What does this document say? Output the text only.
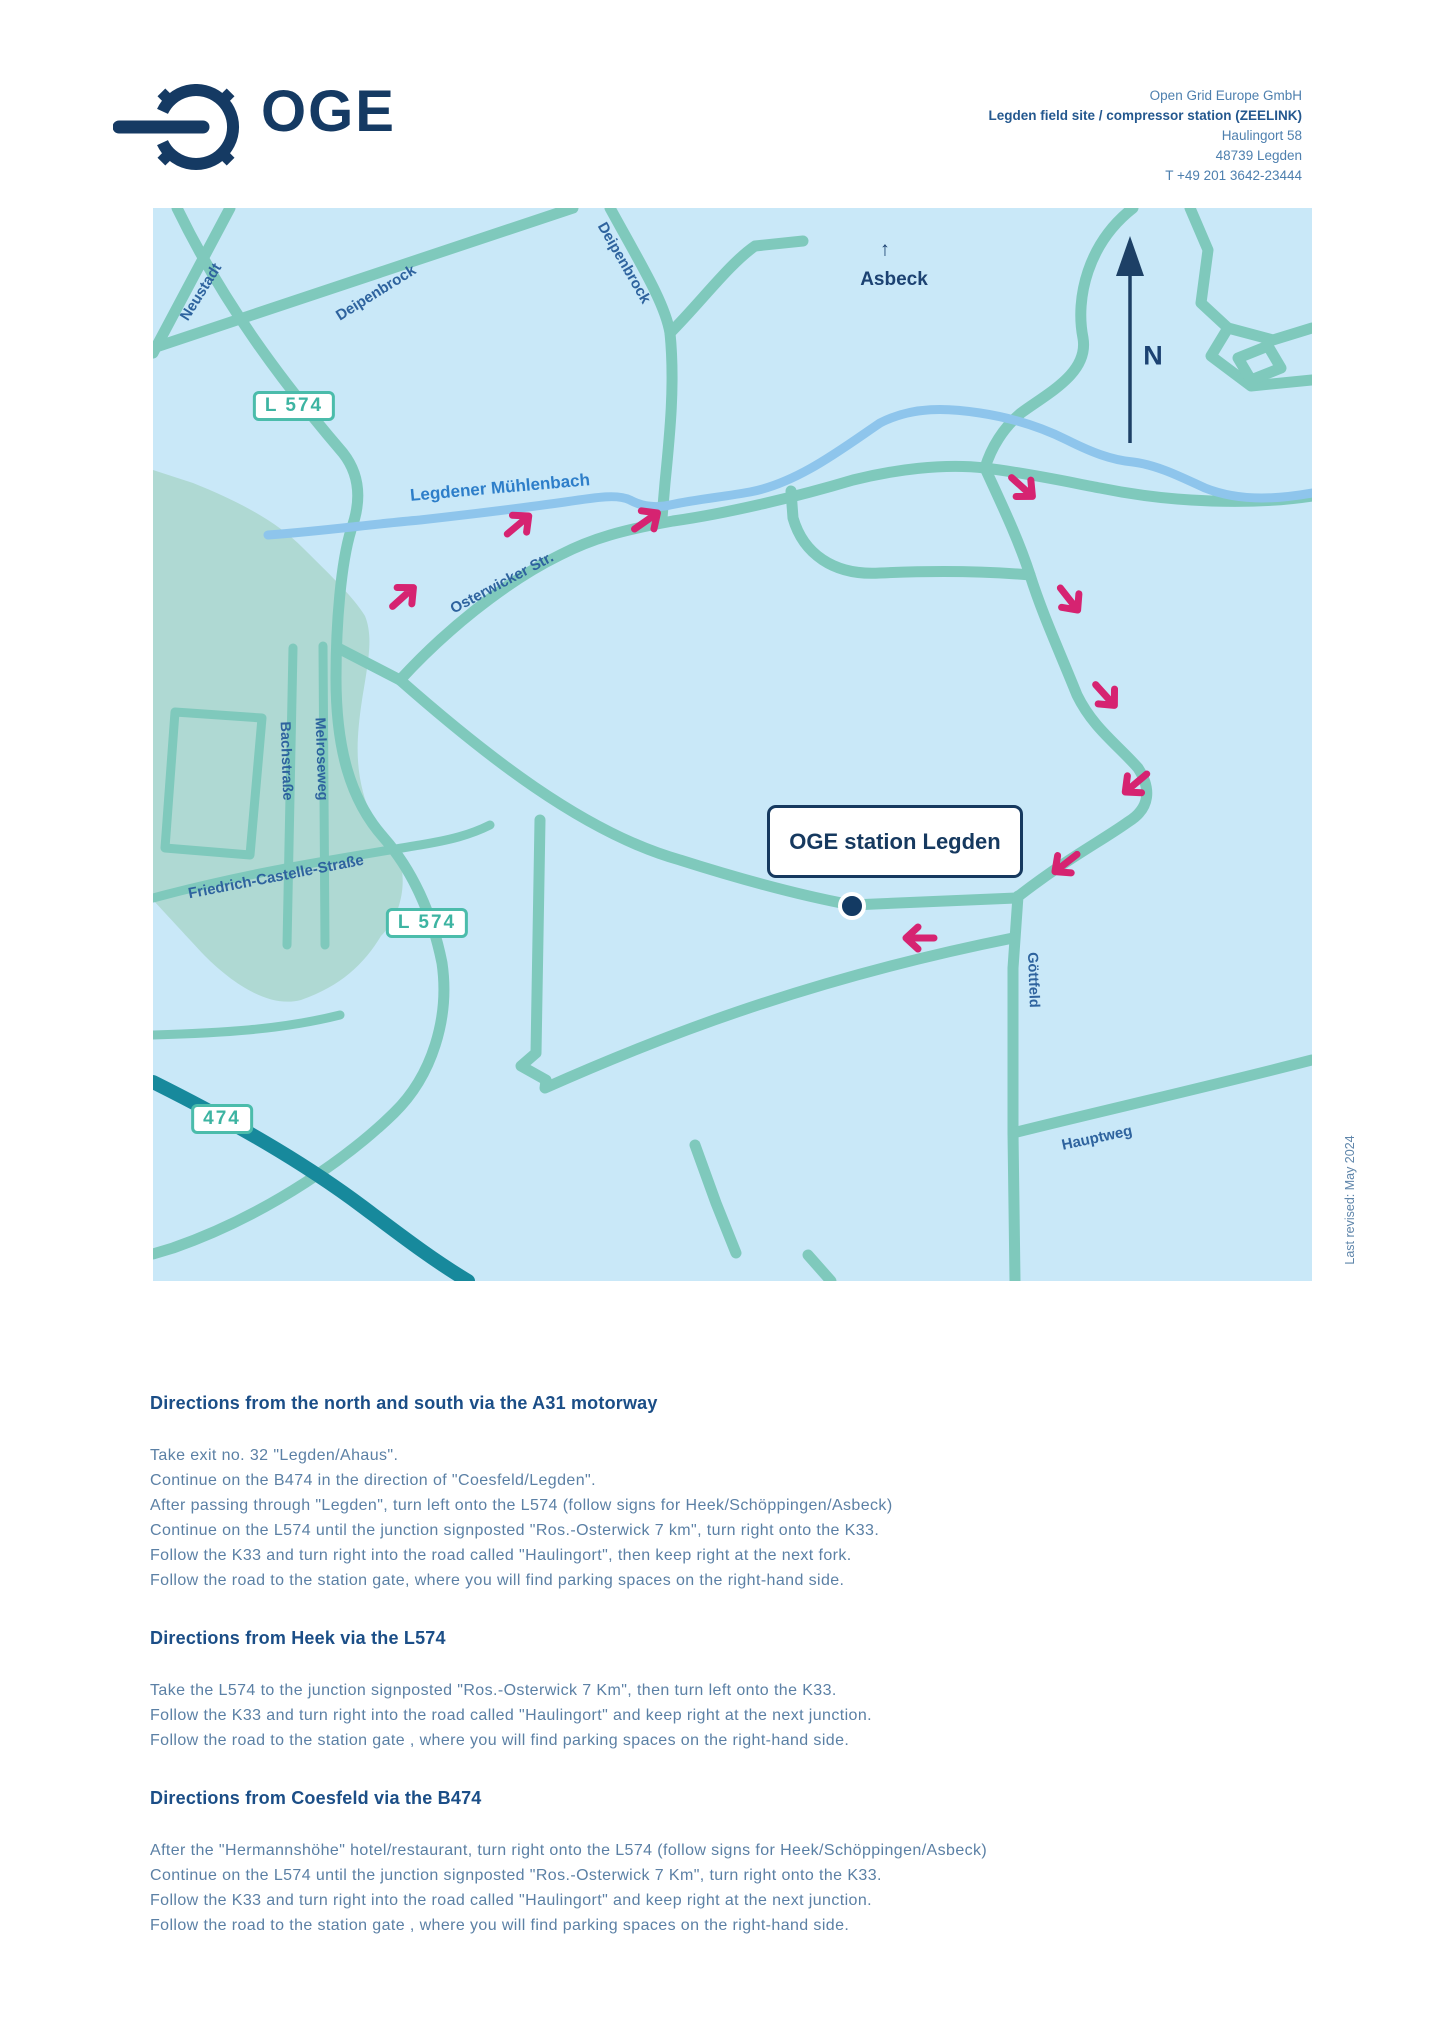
OGE	Open Grid Europe GmbH
Legden field site / compressor station (ZEELINK)
Haulingort 58
48739 Legden
T +49 201 3642-23444
Neustadt	Deipenbrock	Deipenbrock	↑
Asbeck
N
Legdener Mühlenbach
Osterwicker Str.
Bachstraße Melroseweg
Friedrich-Castelle-Straße
Göttfeld
Hauptweg
L 574
L 574
474
OGE station Legden
Last revised: May 2024
Directions from the north and south via the A31 motorway

Take exit no. 32 "Legden/Ahaus".

Continue on the B474 in the direction of "Coesfeld/Legden".

After passing through "Legden", turn left onto the L574 (follow signs for Heek/Schöppingen/Asbeck)

Continue on the L574 until the junction signposted "Ros.-Osterwick 7 km", turn right onto the K33.

Follow the K33 and turn right into the road called "Haulingort", then keep right at the next fork.

Follow the road to the station gate, where you will find parking spaces on the right-hand side.

Directions from Heek via the L574

Take the L574 to the junction signposted "Ros.-Osterwick 7 Km", then turn left onto the K33.

Follow the K33 and turn right into the road called "Haulingort" and keep right at the next junction.

Follow the road to the station gate , where you will find parking spaces on the right-hand side.

Directions from Coesfeld via the B474

After the "Hermannshöhe" hotel/restaurant, turn right onto the L574 (follow signs for Heek/Schöppingen/Asbeck)

Continue on the L574 until the junction signposted "Ros.-Osterwick 7 Km", turn right onto the K33.

Follow the K33 and turn right into the road called "Haulingort" and keep right at the next junction.

Follow the road to the station gate , where you will find parking spaces on the right-hand side.
